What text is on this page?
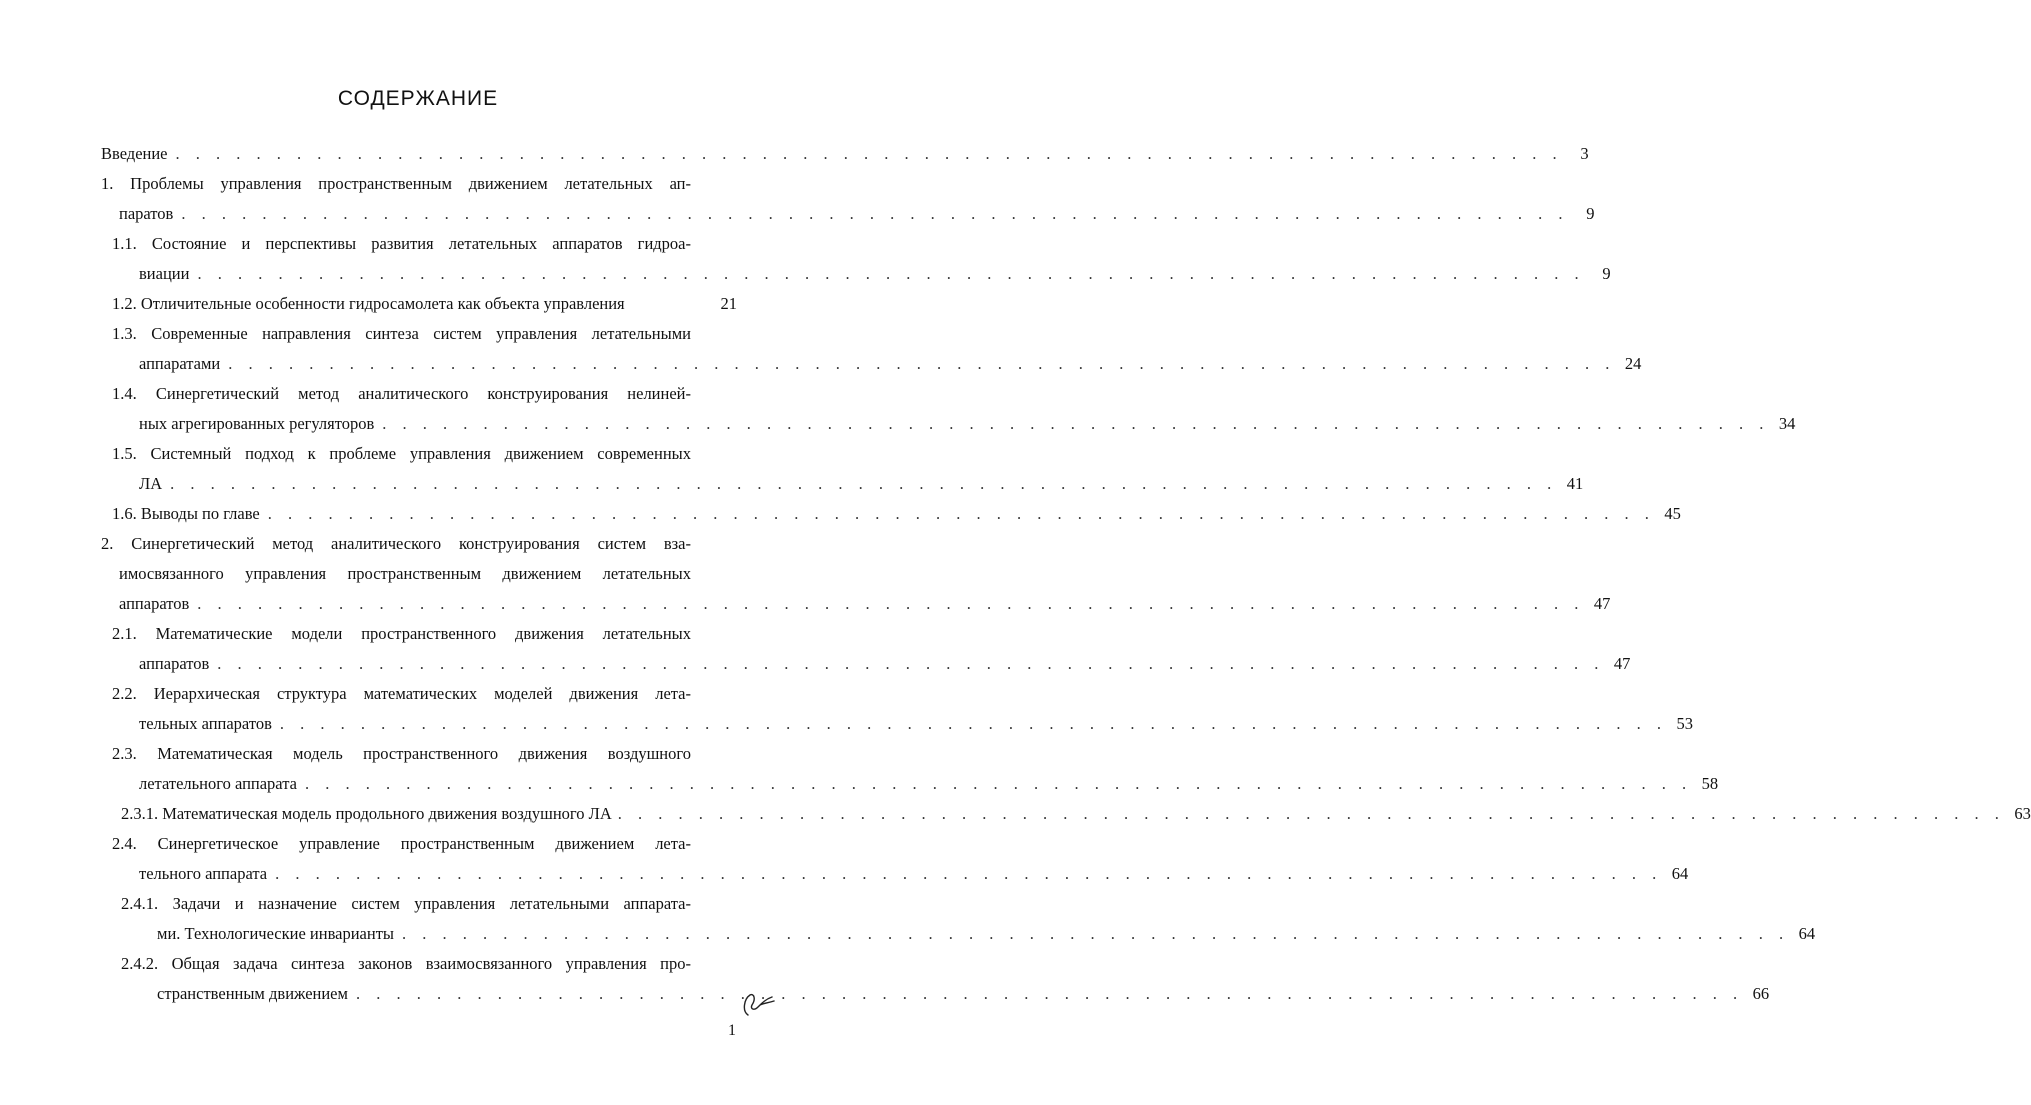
СОДЕРЖАНИЕ
Введение . . . . . . . . . . . . . . . . . . . . . . . . . . . . . . . . . . . . . . . . . . . . . . . . . . . . . . . . . . . . . . . . . . . . .	3
1. Проблемы управления пространственным движением летательных ап-
паратов . . . . . . . . . . . . . . . . . . . . . . . . . . . . . . . . . . . . . . . . . . . . . . . . . . . . . . . . . . . . . . . . . . . . .	9
1.1. Состояние и перспективы развития летательных аппаратов гидроа-
виации . . . . . . . . . . . . . . . . . . . . . . . . . . . . . . . . . . . . . . . . . . . . . . . . . . . . . . . . . . . . . . . . . . . . .	9
1.2. Отличительные особенности гидросамолета как объекта управления	21
1.3. Современные направления синтеза систем управления летательными
аппаратами . . . . . . . . . . . . . . . . . . . . . . . . . . . . . . . . . . . . . . . . . . . . . . . . . . . . . . . . . . . . . . . . . . . . . 24
1.4. Синергетический метод аналитического конструирования нелиней-
ных агрегированных регуляторов . . . . . . . . . . . . . . . . . . . . . . . . . . . . . . . . . . . . . . . . . . . . . . . . . . . . . . . . . . . . . . . . . . . . . 34
1.5. Системный подход к проблеме управления движением современных
ЛА . . . . . . . . . . . . . . . . . . . . . . . . . . . . . . . . . . . . . . . . . . . . . . . . . . . . . . . . . . . . . . . . . . . . . 41
1.6. Выводы по главе . . . . . . . . . . . . . . . . . . . . . . . . . . . . . . . . . . . . . . . . . . . . . . . . . . . . . . . . . . . . . . . . . . . . . 45
2. Синергетический метод аналитического конструирования систем вза-
имосвязанного управления пространственным движением летательных
аппаратов . . . . . . . . . . . . . . . . . . . . . . . . . . . . . . . . . . . . . . . . . . . . . . . . . . . . . . . . . . . . . . . . . . . . . 47
2.1. Математические модели пространственного движения летательных
аппаратов . . . . . . . . . . . . . . . . . . . . . . . . . . . . . . . . . . . . . . . . . . . . . . . . . . . . . . . . . . . . . . . . . . . . . 47
2.2. Иерархическая структура математических моделей движения лета-
тельных аппаратов . . . . . . . . . . . . . . . . . . . . . . . . . . . . . . . . . . . . . . . . . . . . . . . . . . . . . . . . . . . . . . . . . . . . . 53
2.3. Математическая модель пространственного движения воздушного
летательного аппарата . . . . . . . . . . . . . . . . . . . . . . . . . . . . . . . . . . . . . . . . . . . . . . . . . . . . . . . . . . . . . . . . . . . . . 58
2.3.1. Математическая модель продольного движения воздушного ЛА . . . . . . . . . . . . . . . . . . . . . . . . . . . . . . . . . . . . . . . . . . . . . . . . . . . . . . . . . . . . . . . . . . . . . 63
2.4. Синергетическое управление пространственным движением лета-
тельного аппарата . . . . . . . . . . . . . . . . . . . . . . . . . . . . . . . . . . . . . . . . . . . . . . . . . . . . . . . . . . . . . . . . . . . . . 64
2.4.1. Задачи и назначение систем управления летательными аппарата-
ми. Технологические инварианты . . . . . . . . . . . . . . . . . . . . . . . . . . . . . . . . . . . . . . . . . . . . . . . . . . . . . . . . . . . . . . . . . . . . . 64
2.4.2. Общая задача синтеза законов взаимосвязанного управления про-
странственным движением . . . . . . . . . . . . . . . . . . . . . . . . . . . . . . . . . . . . . . . . . . . . . . . . . . . . . . . . . . . . . . . . . . . . . 66
1
